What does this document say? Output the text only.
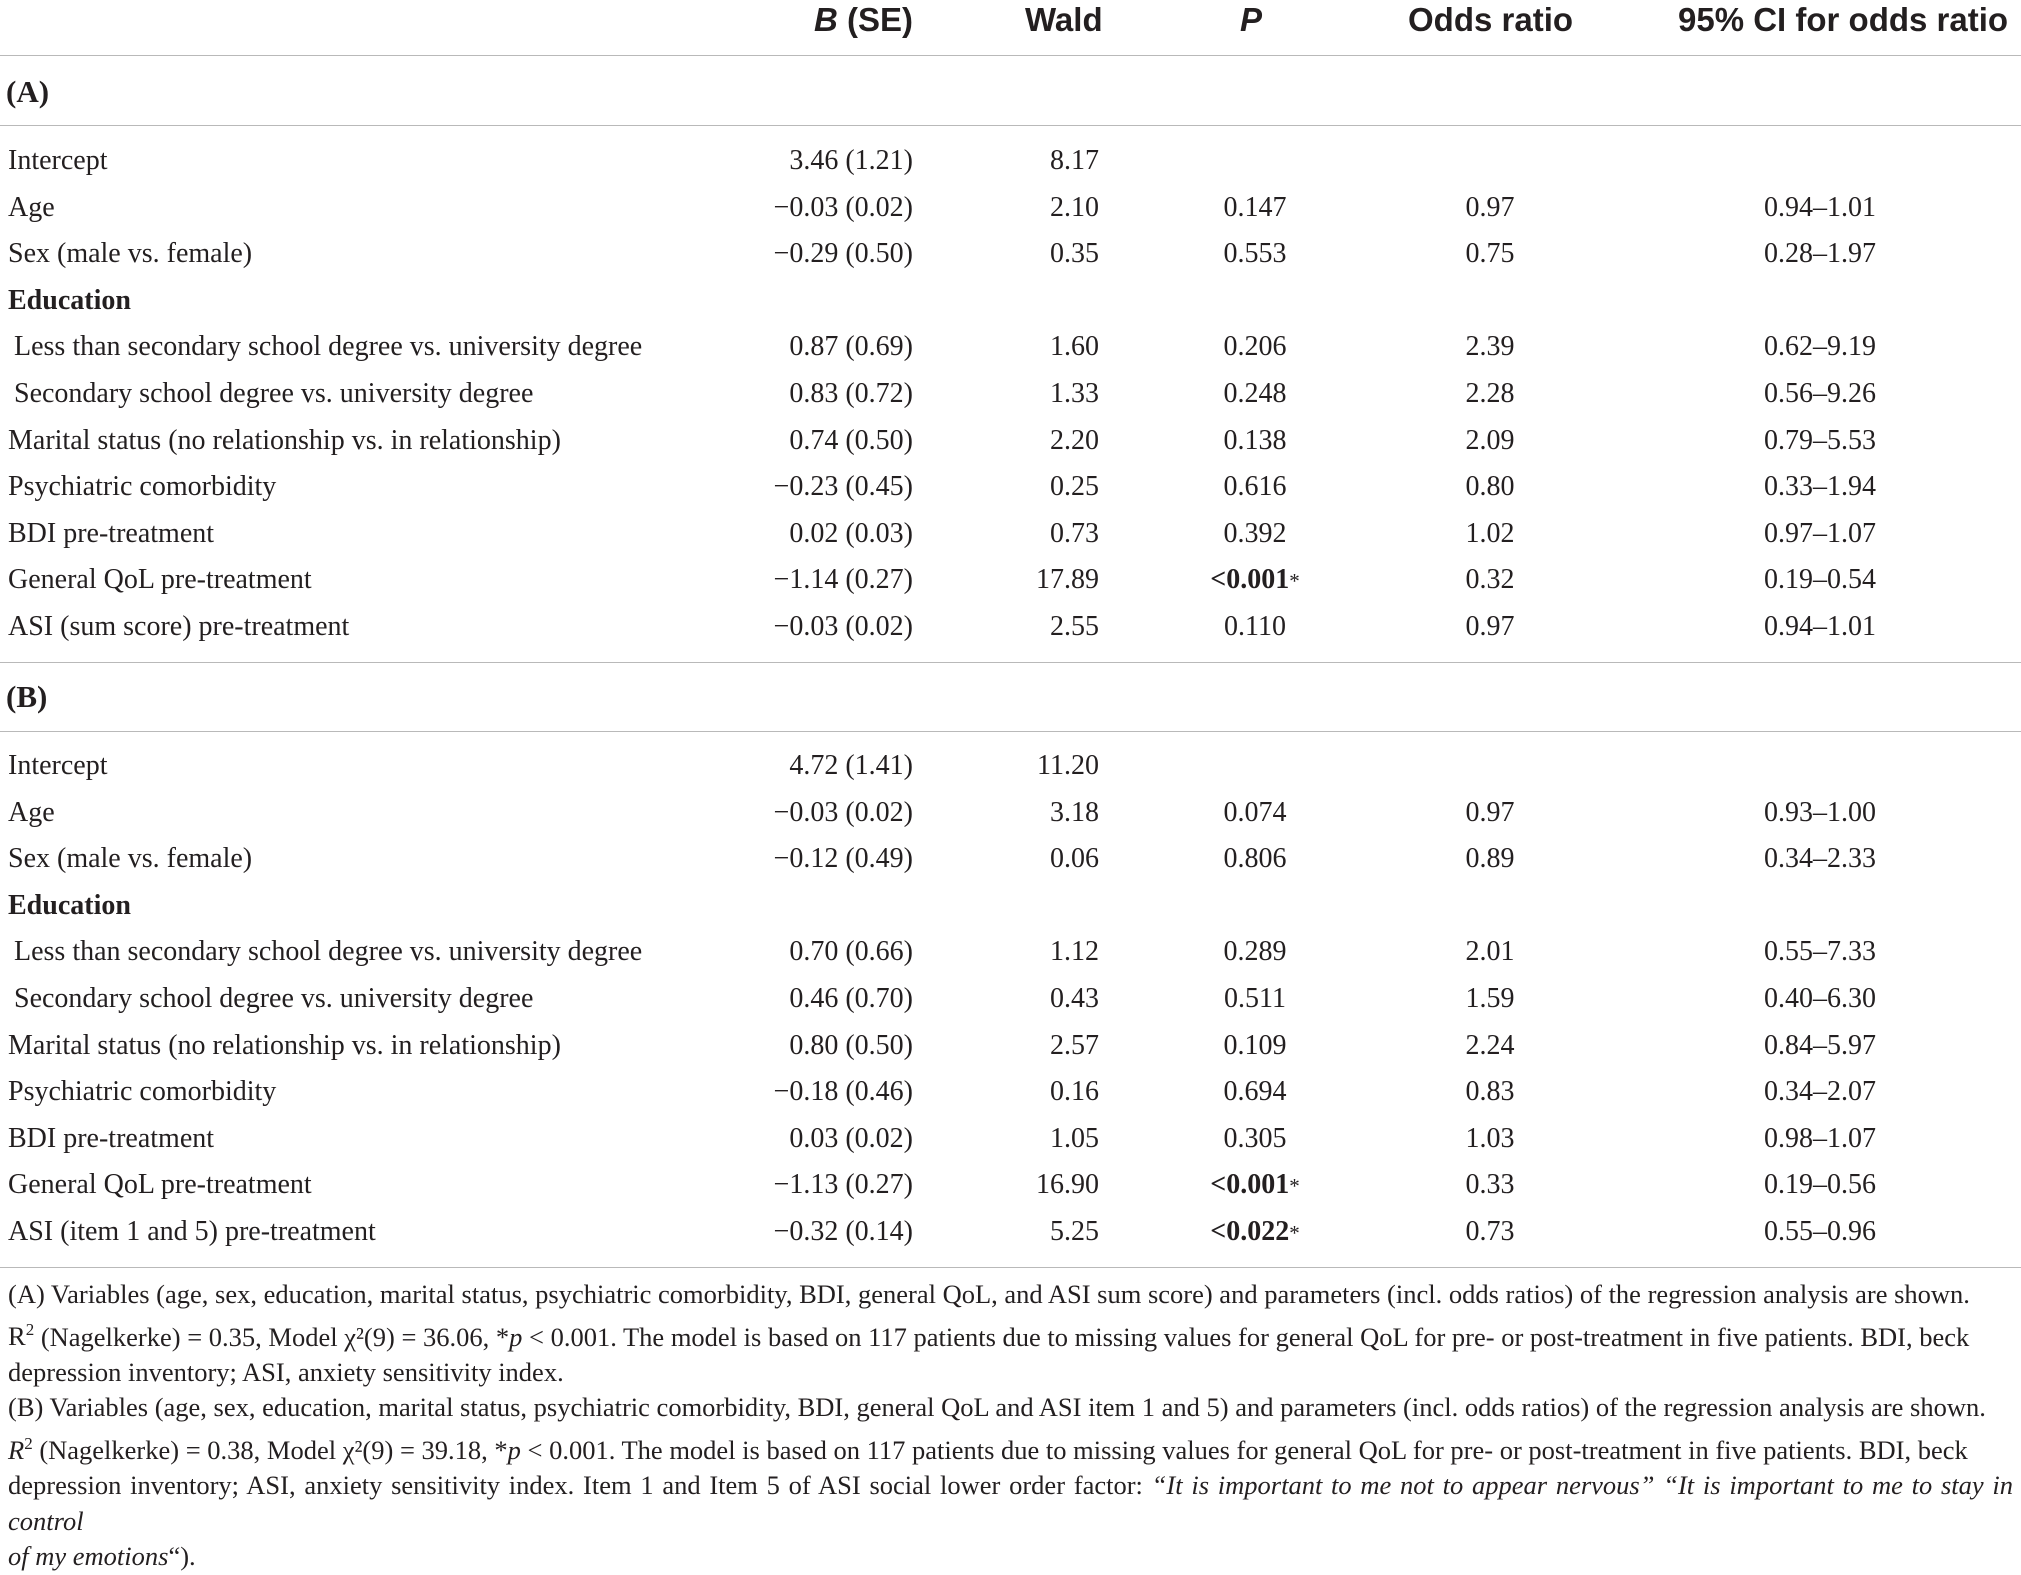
B (SE)	Wald	P	Odds ratio	95% CI for odds ratio
(A)
Intercept	3.46 (1.21)	8.17
Age	−0.03 (0.02)	2.10	0.147	0.97	0.94–1.01
Sex (male vs. female)	−0.29 (0.50)	0.35	0.553	0.75	0.28–1.97
Education
Less than secondary school degree vs. university degree	0.87 (0.69)	1.60	0.206	2.39	0.62–9.19
Secondary school degree vs. university degree	0.83 (0.72)	1.33	0.248	2.28	0.56–9.26
Marital status (no relationship vs. in relationship)	0.74 (0.50)	2.20	0.138	2.09	0.79–5.53
Psychiatric comorbidity	−0.23 (0.45)	0.25	0.616	0.80	0.33–1.94
BDI pre-treatment	0.02 (0.03)	0.73	0.392	1.02	0.97–1.07
General QoL pre-treatment	−1.14 (0.27)	17.89	<0.001*	0.32	0.19–0.54
ASI (sum score) pre-treatment	−0.03 (0.02)	2.55	0.110	0.97	0.94–1.01
(B)
Intercept	4.72 (1.41)	11.20
Age	−0.03 (0.02)	3.18	0.074	0.97	0.93–1.00
Sex (male vs. female)	−0.12 (0.49)	0.06	0.806	0.89	0.34–2.33
Education
Less than secondary school degree vs. university degree	0.70 (0.66)	1.12	0.289	2.01	0.55–7.33
Secondary school degree vs. university degree	0.46 (0.70)	0.43	0.511	1.59	0.40–6.30
Marital status (no relationship vs. in relationship)	0.80 (0.50)	2.57	0.109	2.24	0.84–5.97
Psychiatric comorbidity	−0.18 (0.46)	0.16	0.694	0.83	0.34–2.07
BDI pre-treatment	0.03 (0.02)	1.05	0.305	1.03	0.98–1.07
General QoL pre-treatment	−1.13 (0.27)	16.90	<0.001*	0.33	0.19–0.56
ASI (item 1 and 5) pre-treatment	−0.32 (0.14)	5.25	<0.022*	0.73	0.55–0.96
(A) Variables (age, sex, education, marital status, psychiatric comorbidity, BDI, general QoL, and ASI sum score) and parameters (incl. odds ratios) of the regression analysis are shown.
$R^2$ (Nagelkerke) = 0.35, Model χ²(9) = 36.06, *p < 0.001. The model is based on 117 patients due to missing values for general QoL for pre- or post-treatment in five patients. BDI, beck
depression inventory; ASI, anxiety sensitivity index.
(B) Variables (age, sex, education, marital status, psychiatric comorbidity, BDI, general QoL and ASI item 1 and 5) and parameters (incl. odds ratios) of the regression analysis are shown.
$R^2$ (Nagelkerke) = 0.38, Model χ²(9) = 39.18, *p < 0.001. The model is based on 117 patients due to missing values for general QoL for pre- or post-treatment in five patients. BDI, beck
depression inventory; ASI, anxiety sensitivity index. Item 1 and Item 5 of ASI social lower order factor: “It is important to me not to appear nervous” “It is important to me to stay in control
of my emotions“).
